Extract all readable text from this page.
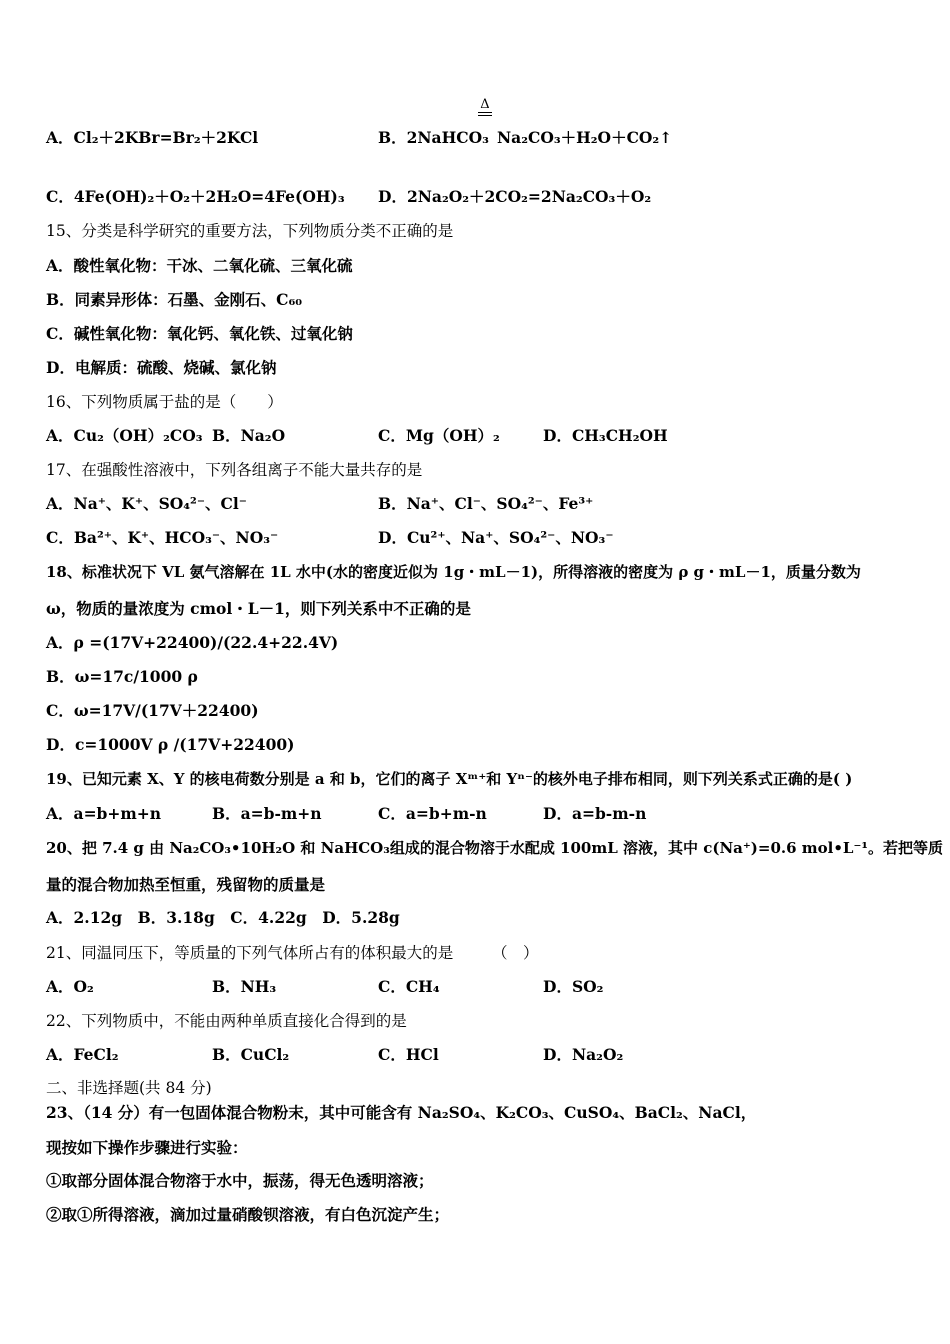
A．Cl₂＋2KBr=Br₂＋2KCl
Δ
B．2NaHCO₃ Na₂CO₃＋H₂O＋CO₂↑
C．4Fe(OH)₂＋O₂＋2H₂O=4Fe(OH)₃ D．2Na₂O₂＋2CO₂=2Na₂CO₃＋O₂
15、分类是科学研究的重要方法，下列物质分类不正确的是
A．酸性氧化物：干冰、二氧化硫、三氧化硫
B．同素异形体：石墨、金刚石、C₆₀
C．碱性氧化物：氧化钙、氧化铁、过氧化钠
D．电解质：硫酸、烧碱、氯化钠
16、下列物质属于盐的是（　　）
A．Cu₂（OH）₂CO₃ B．Na₂O	C．Mg（OH）₂	D．CH₃CH₂OH
17、在强酸性溶液中，下列各组离子不能大量共存的是
A．Na⁺、K⁺、SO₄²⁻、Cl⁻	B．Na⁺、Cl⁻、SO₄²⁻、Fe³⁺
C．Ba²⁺、K⁺、HCO₃⁻、NO₃⁻	D．Cu²⁺、Na⁺、SO₄²⁻、NO₃⁻
18、标准状况下 VL 氨气溶解在 1L 水中(水的密度近似为 1g・mL－1)，所得溶液的密度为 ρ g・mL－1，质量分数为
ω，物质的量浓度为 cmol・L－1，则下列关系中不正确的是
A．ρ =(17V+22400)/(22.4+22.4V)
B．ω=17c/1000 ρ
C．ω=17V/(17V＋22400)
D．c=1000V ρ /(17V+22400)
19、已知元素 X、Y 的核电荷数分别是 a 和 b，它们的离子 Xᵐ⁺和 Yⁿ⁻的核外电子排布相同，则下列关系式正确的是( )
A．a=b+m+n	B．a=b-m+n	C．a=b+m-n	D．a=b-m-n
20、把 7.4 g 由 Na₂CO₃•10H₂O 和 NaHCO₃组成的混合物溶于水配成 100mL 溶液，其中 c(Na⁺)=0.6 mol•L⁻¹。若把等质
量的混合物加热至恒重，残留物的质量是
A．2.12g　B．3.18g　C．4.22g　D．5.28g
21、同温同压下，等质量的下列气体所占有的体积最大的是　　　（　）
A．O₂	B．NH₃	C．CH₄	D．SO₂
22、下列物质中，不能由两种单质直接化合得到的是
A．FeCl₂	B．CuCl₂	C．HCl	D．Na₂O₂
二、非选择题(共 84 分)
23、（14 分）有一包固体混合物粉末，其中可能含有 Na₂SO₄、K₂CO₃、CuSO₄、BaCl₂、NaCl，
现按如下操作步骤进行实验：
①取部分固体混合物溶于水中，振荡，得无色透明溶液；
②取①所得溶液，滴加过量硝酸钡溶液，有白色沉淀产生；
